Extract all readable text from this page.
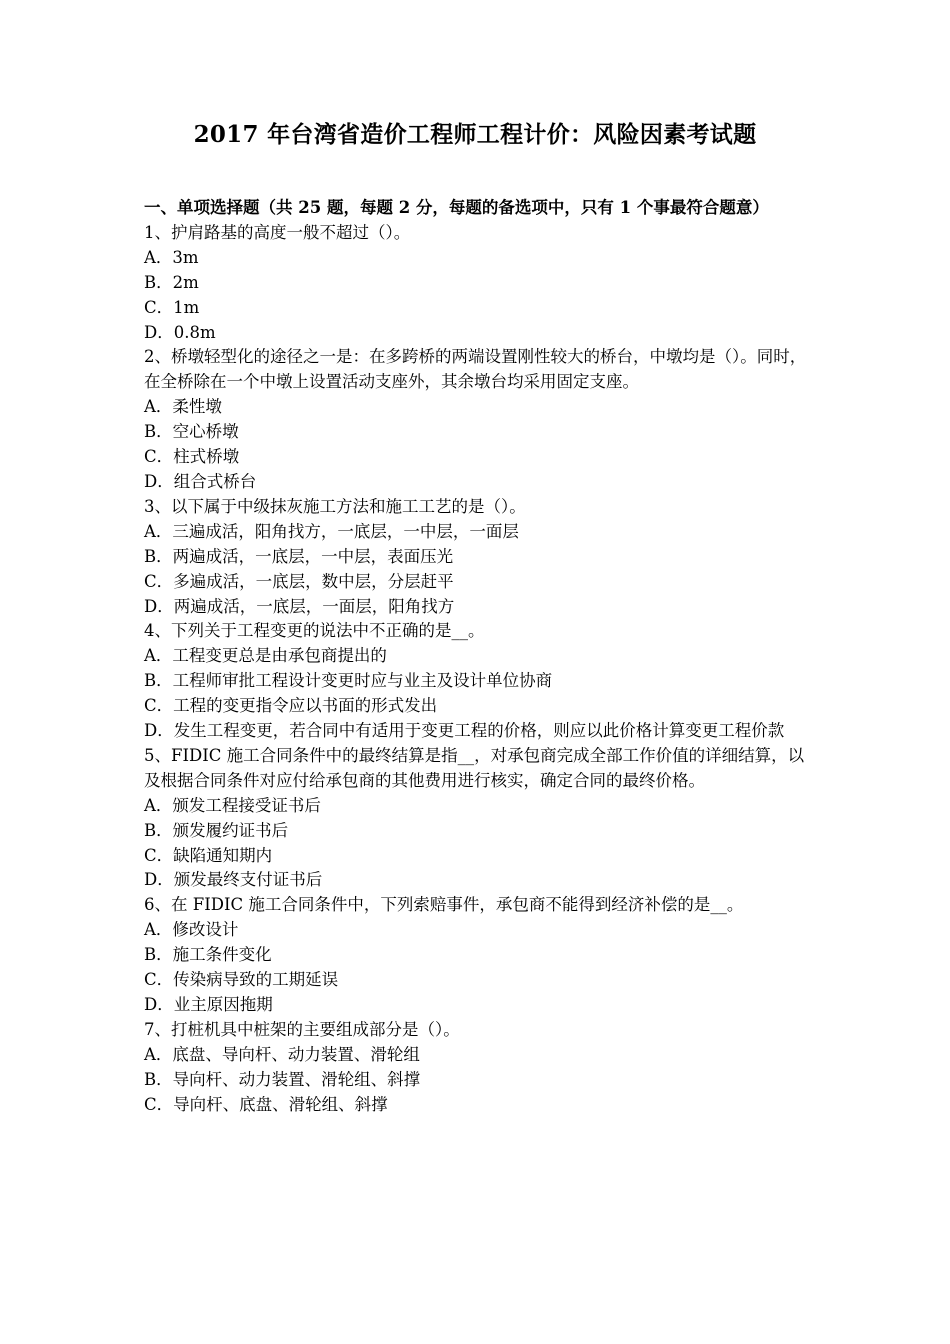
2017 年台湾省造价工程师工程计价：风险因素考试题
一、单项选择题（共 25 题，每题 2 分，每题的备选项中，只有 1 个事最符合题意）
1、护肩路基的高度一般不超过（）。
A．3m
B．2m
C．1m
D．0.8m
2、桥墩轻型化的途径之一是：在多跨桥的两端设置刚性较大的桥台，中墩均是（）。同时，在全桥除在一个中墩上设置活动支座外，其余墩台均采用固定支座。
A．柔性墩
B．空心桥墩
C．柱式桥墩
D．组合式桥台
3、以下属于中级抹灰施工方法和施工工艺的是（）。
A．三遍成活，阳角找方，一底层，一中层，一面层
B．两遍成活，一底层，一中层，表面压光
C．多遍成活，一底层，数中层，分层赶平
D．两遍成活，一底层，一面层，阳角找方
4、下列关于工程变更的说法中不正确的是__。
A．工程变更总是由承包商提出的
B．工程师审批工程设计变更时应与业主及设计单位协商
C．工程的变更指令应以书面的形式发出
D．发生工程变更，若合同中有适用于变更工程的价格，则应以此价格计算变更工程价款
5、FIDIC 施工合同条件中的最终结算是指__，对承包商完成全部工作价值的详细结算，以及根据合同条件对应付给承包商的其他费用进行核实，确定合同的最终价格。
A．颁发工程接受证书后
B．颁发履约证书后
C．缺陷通知期内
D．颁发最终支付证书后
6、在 FIDIC 施工合同条件中，下列索赔事件，承包商不能得到经济补偿的是__。
A．修改设计
B．施工条件变化
C．传染病导致的工期延误
D．业主原因拖期
7、打桩机具中桩架的主要组成部分是（）。
A．底盘、导向杆、动力装置、滑轮组
B．导向杆、动力装置、滑轮组、斜撑
C．导向杆、底盘、滑轮组、斜撑
